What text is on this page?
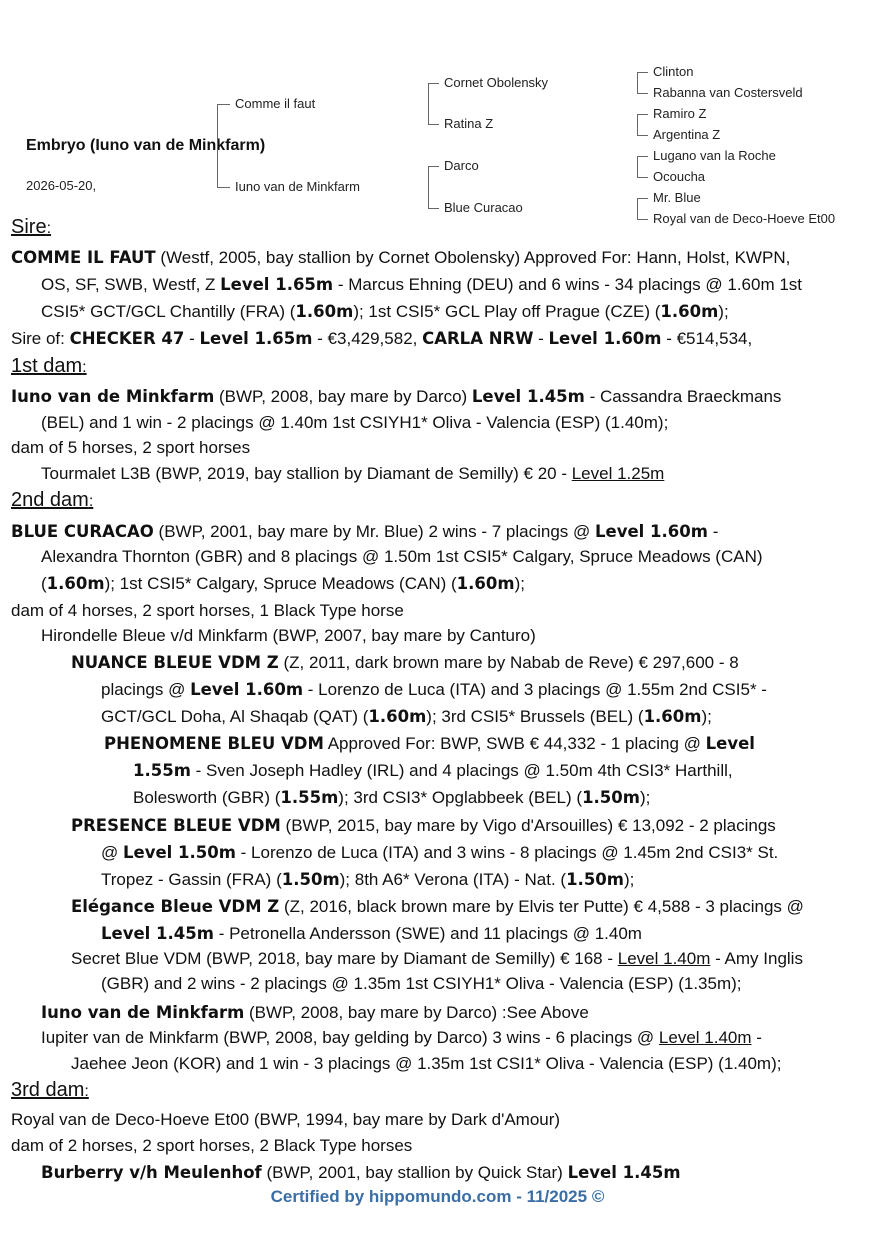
Embryo (Iuno van de Minkfarm)
2026-05-20,
Comme il faut
Iuno van de Minkfarm
Cornet Obolensky
Ratina Z
Darco
Blue Curacao
Clinton
Rabanna van Costersveld
Ramiro Z
Argentina Z
Lugano van la Roche
Ocoucha
Mr. Blue
Royal van de Deco-Hoeve Et00
Sire:
COMME IL FAUT (Westf, 2005, bay stallion by Cornet Obolensky) Approved For: Hann, Holst, KWPN,
OS, SF, SWB, Westf, Z Level 1.65m - Marcus Ehning (DEU) and 6 wins - 34 placings @ 1.60m 1st
CSI5* GCT/GCL Chantilly (FRA) (1.60m); 1st CSI5* GCL Play off Prague (CZE) (1.60m);
Sire of: CHECKER 47 - Level 1.65m - €3,429,582, CARLA NRW - Level 1.60m - €514,534,
1st dam:
Iuno van de Minkfarm (BWP, 2008, bay mare by Darco) Level 1.45m - Cassandra Braeckmans
(BEL) and 1 win - 2 placings @ 1.40m 1st CSIYH1* Oliva - Valencia (ESP) (1.40m);
dam of 5 horses, 2 sport horses
Tourmalet L3B (BWP, 2019, bay stallion by Diamant de Semilly) € 20 - Level 1.25m
2nd dam:
BLUE CURACAO (BWP, 2001, bay mare by Mr. Blue) 2 wins - 7 placings @ Level 1.60m -
Alexandra Thornton (GBR) and 8 placings @ 1.50m 1st CSI5* Calgary, Spruce Meadows (CAN)
(1.60m); 1st CSI5* Calgary, Spruce Meadows (CAN) (1.60m);
dam of 4 horses, 2 sport horses, 1 Black Type horse
Hirondelle Bleue v/d Minkfarm (BWP, 2007, bay mare by Canturo)
NUANCE BLEUE VDM Z (Z, 2011, dark brown mare by Nabab de Reve) € 297,600 - 8
placings @ Level 1.60m - Lorenzo de Luca (ITA) and 3 placings @ 1.55m 2nd CSI5* -
GCT/GCL Doha, Al Shaqab (QAT) (1.60m); 3rd CSI5* Brussels (BEL) (1.60m);
PHENOMENE BLEU VDM Approved For: BWP, SWB € 44,332 - 1 placing @ Level
1.55m - Sven Joseph Hadley (IRL) and 4 placings @ 1.50m 4th CSI3* Harthill,
Bolesworth (GBR) (1.55m); 3rd CSI3* Opglabbeek (BEL) (1.50m);
PRESENCE BLEUE VDM (BWP, 2015, bay mare by Vigo d'Arsouilles) € 13,092 - 2 placings
@ Level 1.50m - Lorenzo de Luca (ITA) and 3 wins - 8 placings @ 1.45m 2nd CSI3* St.
Tropez - Gassin (FRA) (1.50m); 8th A6* Verona (ITA) - Nat. (1.50m);
Elégance Bleue VDM Z (Z, 2016, black brown mare by Elvis ter Putte) € 4,588 - 3 placings @
Level 1.45m - Petronella Andersson (SWE) and 11 placings @ 1.40m
Secret Blue VDM (BWP, 2018, bay mare by Diamant de Semilly) € 168 - Level 1.40m - Amy Inglis
(GBR) and 2 wins - 2 placings @ 1.35m 1st CSIYH1* Oliva - Valencia (ESP) (1.35m);
Iuno van de Minkfarm (BWP, 2008, bay mare by Darco) :See Above
Iupiter van de Minkfarm (BWP, 2008, bay gelding by Darco) 3 wins - 6 placings @ Level 1.40m -
Jaehee Jeon (KOR) and 1 win - 3 placings @ 1.35m 1st CSI1* Oliva - Valencia (ESP) (1.40m);
3rd dam:
Royal van de Deco-Hoeve Et00 (BWP, 1994, bay mare by Dark d'Amour)
dam of 2 horses, 2 sport horses, 2 Black Type horses
Burberry v/h Meulenhof (BWP, 2001, bay stallion by Quick Star) Level 1.45m
Certified by hippomundo.com - 11/2025 ©
